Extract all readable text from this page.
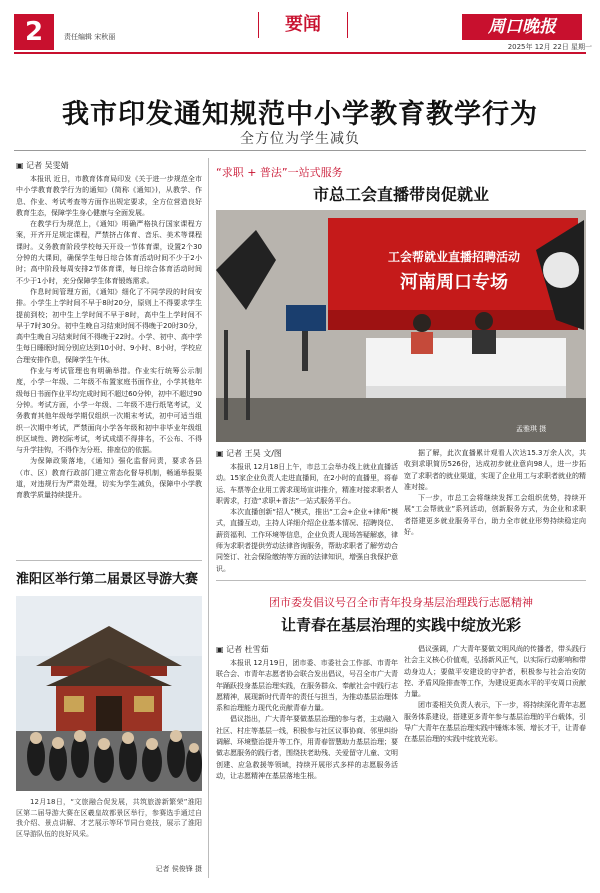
2	责任编辑 宋秋丽
要闻	周口晚报
2025年 12月 22日 星期一
我市印发通知规范中小学教育教学行为
全方位为学生减负
▣ 记者 吴雯婧

本报讯 近日，市教育体育局印发《关于进一步规范全市中小学教育教学行为的通知》(简称《通知》)，从教学、作息、作业、考试考查等方面作出规定要求，全方位营造良好教育生态，保障学生身心健康与全面发展。

在教学行为规范上，《通知》明确严格执行国家课程方案，开齐开足规定课程，严禁挤占体育、音乐、美术等课程课时。义务教育阶段学校每天开设一节体育课，设置2个30分钟的大课间，确保学生每日综合体育活动时间不少于2小时；高中阶段每周安排2节体育课，每日综合体育活动时间不少于1小时，充分保障学生体育锻炼需求。

作息时间管理方面，《通知》细化了不同学段的时间安排。小学生上学时间不早于8时20分，原则上不得要求学生提前到校；初中生上学时间不早于8时，高中生上学时间不早于7时30分。初中生晚自习结束时间不得晚于20时30分，高中生晚自习结束时间不得晚于22时。小学、初中、高中学生每日睡眠时间分别应达到10小时、9小时、8小时，学校应合理安排作息，保障学生午休。

作业与考试管理也有明确举措。作业实行统筹公示制度，小学一年级、二年级不布置家庭书面作业，小学其他年级每日书面作业平均完成时间不超过60分钟，初中不超过90分钟。考试方面，小学一年级、二年级不进行纸笔考试，义务教育其他年级每学期仅组织一次期末考试，初中可适当组织一次期中考试，严禁面向小学各年级和初中非毕业年级组织区域性、跨校际考试，考试成绩不得排名，不公布、不得与升学挂钩，不得作为分班、排座位的依据。

为保障政策落地，《通知》强化监督问责，要求各县（市、区）教育行政部门建立常态化督导机制，畅通举报渠道，对违规行为严肃处理，切实为学生减负，保障中小学教育教学质量持续提升。

淮阳区举行第二届景区导游大赛
12月18日，“文旅融合促发展，共筑旅游新繁荣”淮阳区第二届导游大赛在区羲皇故都景区举行，参赛选手通过自我介绍、景点讲解、才艺展示等环节同台竞技，展示了淮阳区导游队伍的良好风采。
记者 侯俊锋 摄
“求职 + 普法”一站式服务
市总工会直播带岗促就业
工会帮就业直播招聘活动
河南周口专场
孟雅琪 摄
▣ 记者 王昊 文/图

本报讯 12月18日上午，市总工会举办线上就业直播活动。15家企业负责人走进直播间，在2小时的直播里，将春运、车票等企业用工需求现场宣讲推介，精准对接求职者人职需求，打造“求职+普法”一站式服务平台。

本次直播创新“招人”模式，推出“工会+企业+律师”模式，直播互动，主持人详细介绍企业基本情况、招聘岗位、薪资福利、工作环境等信息，企业负责人现场答疑解惑，律师为求职者提供劳动法律咨询服务，帮助求职者了解劳动合同签订、社会保险缴纳等方面的法律知识，增强自我保护意识。

据了解，此次直播累计观看人次达15.3万余人次，共收到求职简历526份，达成初步就业意向98人，进一步拓宽了求职者的就业渠道，实现了企业用工与求职者就业的精准对接。

下一步，市总工会将继续发挥工会组织优势，持续开展“工会帮就业”系列活动，创新服务方式，为企业和求职者搭建更多就业服务平台，助力全市就业形势持续稳定向好。

团市委发倡议号召全市青年投身基层治理践行志愿精神
让青春在基层治理的实践中绽放光彩
▣ 记者 杜雪茹

本报讯 12月19日，团市委、市委社会工作部、市青年联合会、市青年志愿者协会联合发出倡议，号召全市广大青年踊跃投身基层治理实践，在服务群众、奉献社会中践行志愿精神，展现新时代青年的责任与担当，为推动基层治理体系和治理能力现代化贡献青春力量。

倡议指出，广大青年要做基层治理的参与者，主动融入社区、村庄等基层一线，积极参与社区议事协商、邻里纠纷调解、环境整治提升等工作，用青春智慧助力基层治理；要做志愿服务的践行者，围绕扶老助残、关爱留守儿童、文明创建、应急救援等领域，持续开展形式多样的志愿服务活动，让志愿精神在基层落地生根。

倡议强调，广大青年要做文明风尚的传播者，带头践行社会主义核心价值观，弘扬新风正气，以实际行动影响和带动身边人；要做平安建设的守护者，积极参与社会治安防控、矛盾风险排查等工作，为建设更高水平的平安周口贡献力量。

团市委相关负责人表示，下一步，将持续深化青年志愿服务体系建设，搭建更多青年参与基层治理的平台载体，引导广大青年在基层治理实践中锤炼本领、增长才干，让青春在基层治理的实践中绽放光彩。
